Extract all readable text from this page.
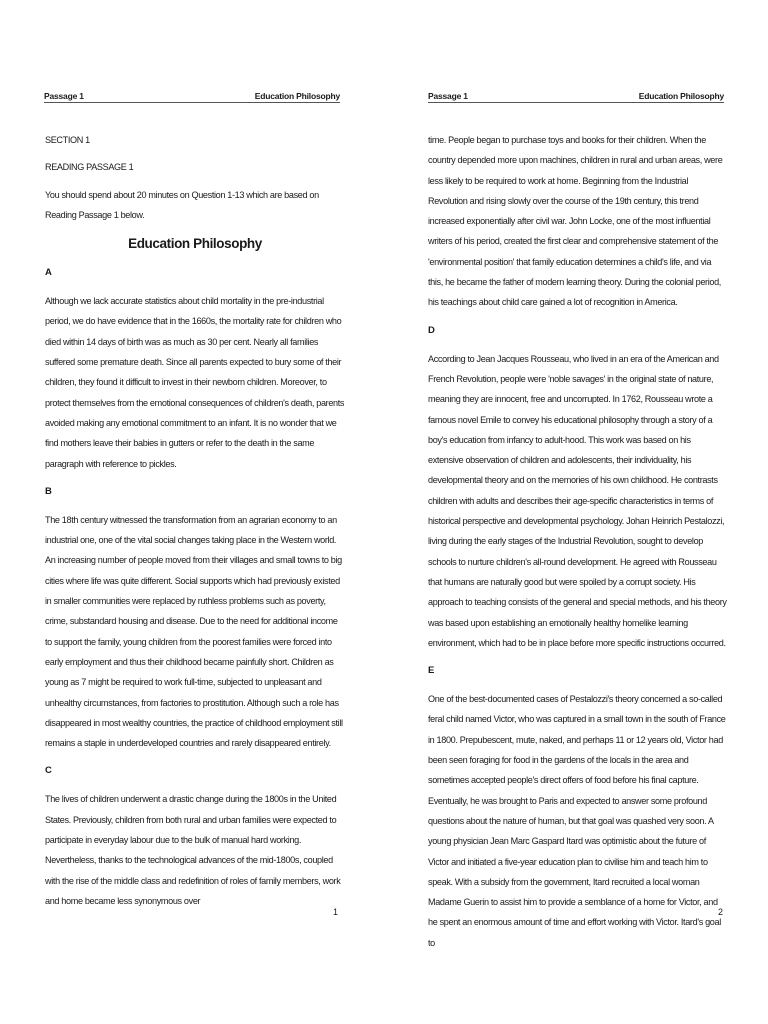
Passage 1	Education Philosophy

SECTION 1

READING PASSAGE 1

You should spend about 20 minutes on Question 1-13 which are based on Reading Passage 1 below.

Education Philosophy
A

Although we lack accurate statistics about child mortality in the pre-industrial period, we do have evidence that in the 1660s, the mortality rate for children who died within 14 days of birth was as much as 30 per cent. Nearly all families suffered some premature death. Since all parents expected to bury some of their children, they found it difficult to invest in their newborn children. Moreover, to protect themselves from the emotional consequences of children's death, parents avoided making any emotional commitment to an infant. It is no wonder that we find mothers leave their babies in gutters or refer to the death in the same paragraph with reference to pickles.

B

The 18th century witnessed the transformation from an agrarian economy to an industrial one, one of the vital social changes taking place in the Western world. An increasing number of people moved from their villages and small towns to big cities where life was quite different. Social supports which had previously existed in smaller communities were replaced by ruthless problems such as poverty, crime, substandard housing and disease. Due to the need for additional income to support the family, young children from the poorest families were forced into early employment and thus their childhood became painfully short. Children as young as 7 might be required to work full-time, subjected to unpleasant and unhealthy circumstances, from factories to prostitution. Although such a role has disappeared in most wealthy countries, the practice of childhood employment still remains a staple in underdeveloped countries and rarely disappeared entirely.

C

The lives of children underwent a drastic change during the 1800s in the United States. Previously, children from both rural and urban families were expected to participate in everyday labour due to the bulk of manual hard working. Nevertheless, thanks to the technological advances of the mid-1800s, coupled with the rise of the middle class and redefinition of roles of family members, work and home became less synonymous over

1
Passage 1	Education Philosophy

time. People began to purchase toys and books for their children. When the country depended more upon machines, children in rural and urban areas, were less likely to be required to work at home. Beginning from the Industrial Revolution and rising slowly over the course of the 19th century, this trend increased exponentially after civil war. John Locke, one of the most influential writers of his period, created the first clear and comprehensive statement of the 'environmental position' that family education determines a child's life, and via this, he became the father of modern learning theory. During the colonial period, his teachings about child care gained a lot of recognition in America.

D

According to Jean Jacques Rousseau, who lived in an era of the American and French Revolution, people were 'noble savages' in the original state of nature, meaning they are innocent, free and uncorrupted. In 1762, Rousseau wrote a famous novel Emile to convey his educational philosophy through a story of a boy's education from infancy to adult-hood. This work was based on his extensive observation of children and adolescents, their individuality, his developmental theory and on the memories of his own childhood. He contrasts children with adults and describes their age-specific characteristics in terms of historical perspective and developmental psychology. Johan Heinrich Pestalozzi, living during the early stages of the Industrial Revolution, sought to develop schools to nurture children's all-round development. He agreed with Rousseau that humans are naturally good but were spoiled by a corrupt society. His approach to teaching consists of the general and special methods, and his theory was based upon establishing an emotionally healthy homelike learning environment, which had to be in place before more specific instructions occurred.

E

One of the best-documented cases of Pestalozzi's theory concerned a so-called feral child named Victor, who was captured in a small town in the south of France in 1800. Prepubescent, mute, naked, and perhaps 11 or 12 years old, Victor had been seen foraging for food in the gardens of the locals in the area and sometimes accepted people's direct offers of food before his final capture. Eventually, he was brought to Paris and expected to answer some profound questions about the nature of human, but that goal was quashed very soon. A young physician Jean Marc Gaspard Itard was optimistic about the future of Victor and initiated a five-year education plan to civilise him and teach him to speak. With a subsidy from the government, Itard recruited a local woman Madame Guerin to assist him to provide a semblance of a home for Victor, and he spent an enormous amount of time and effort working with Victor. Itard's goal to

2
